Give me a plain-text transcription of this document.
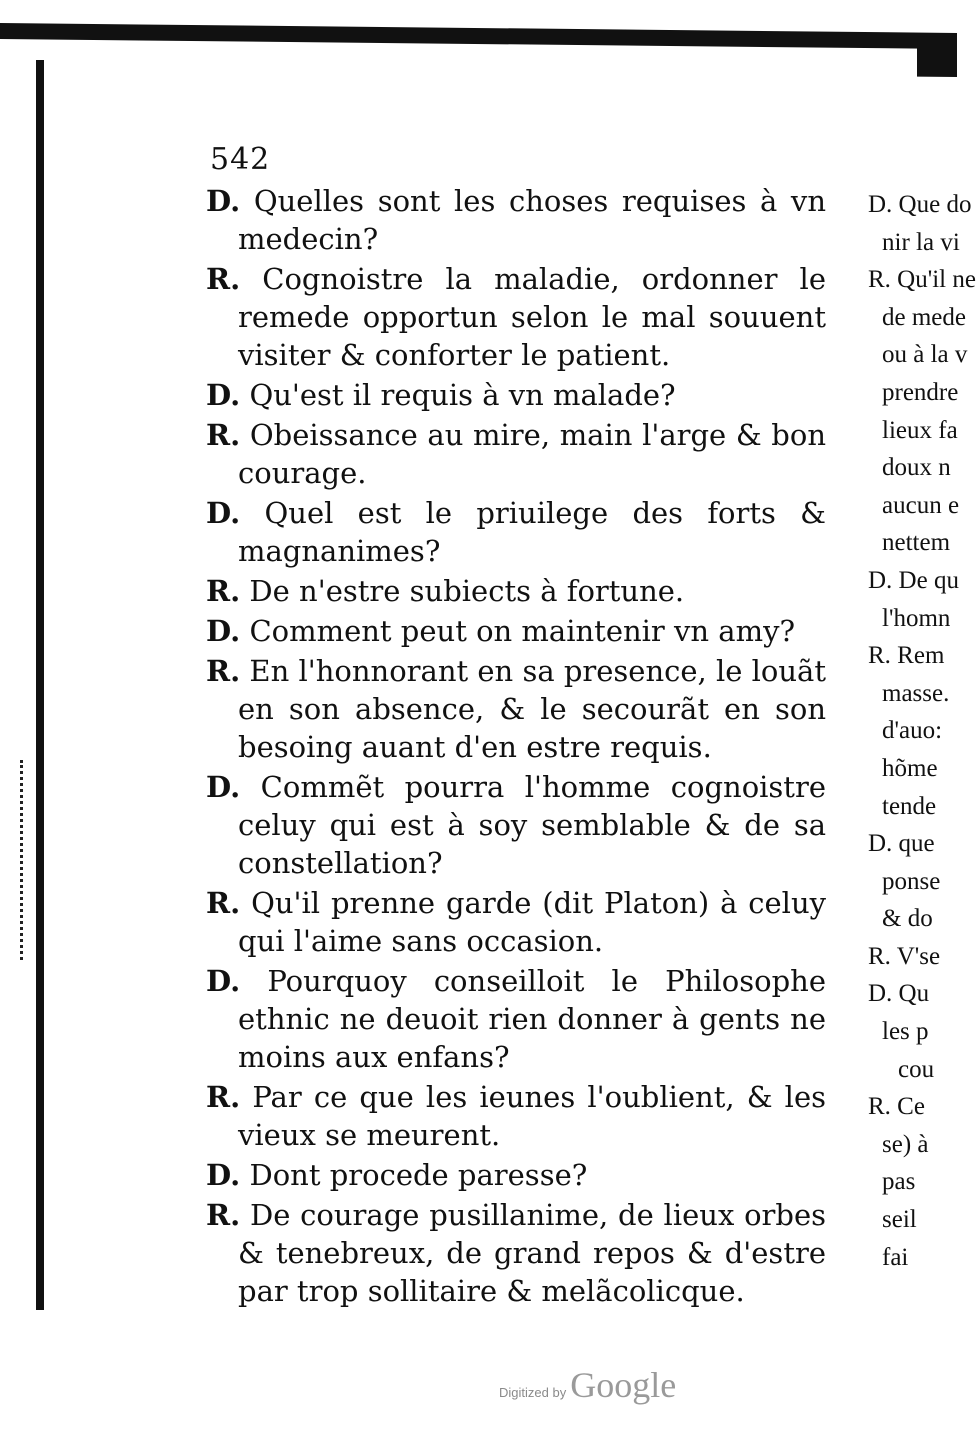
542

D. Quelles sont les choses requises à vn medecin?

R. Cognoistre la maladie, ordonner le remede opportun selon le mal souuent visiter & conforter le patient.

D. Qu'est il requis à vn malade?

R. Obeissance au mire, main l'arge & bon courage.

D. Quel est le priuilege des forts & magnanimes?

R. De n'estre subiects à fortune.

D. Comment peut on maintenir vn amy?

R. En l'honnorant en sa presence, le louãt en son absence, & le secourãt en son besoing auant d'en estre requis.

D. Commẽt pourra l'homme cognoistre celuy qui est à soy semblable & de sa constellation?

R. Qu'il prenne garde (dit Platon) à celuy qui l'aime sans occasion.

D. Pourquoy conseilloit le Philosophe ethnic ne deuoit rien donner à gents ne moins aux enfans?

R. Par ce que les ieunes l'oublient, & les vieux se meurent.

D. Dont procede paresse?

R. De courage pusillanime, de lieux orbes & tenebreux, de grand repos & d'estre par trop sollitaire & melãcolicque.

D. Que do
nir la vi
R. Qu'il ne
de mede
ou à la v
prendre
lieux fa
doux n
aucun e
nettem
D. De qu
l'homn
R. Rem
masse.
d'auo:
hõme
tende
D. que
ponse
& do
R. V'se
D. Qu
les p
cou
R. Ce
se) à
pas
seil
fai
Digitized by Google
